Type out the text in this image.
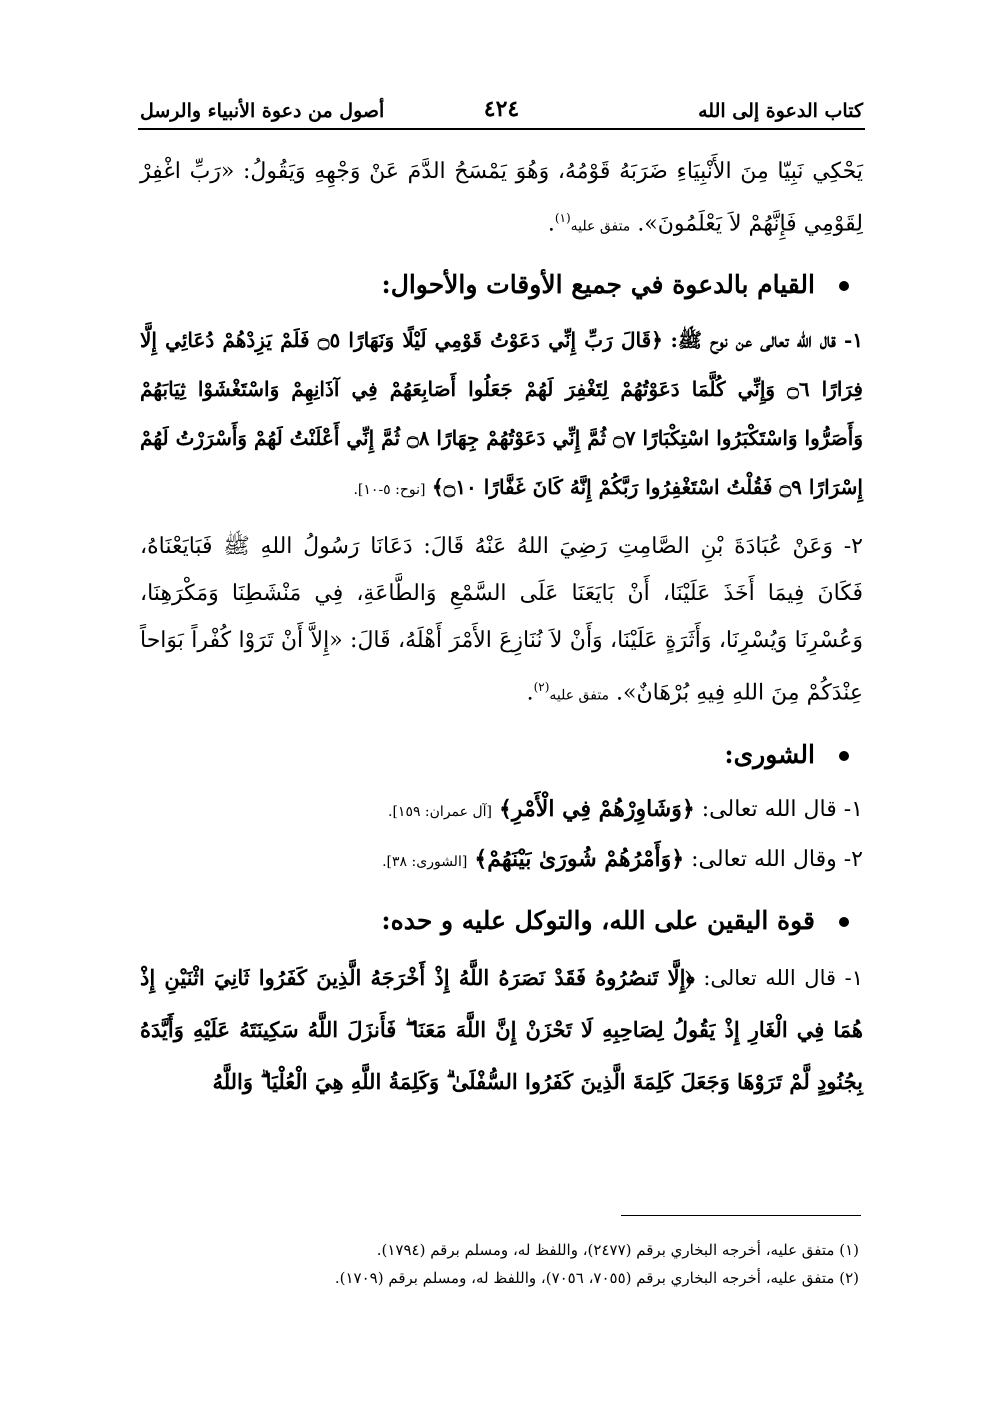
كتاب الدعوة إلى الله
٤٢٤
أصول من دعوة الأنبياء والرسل

يَحْكِي نَبِيّا مِنَ الأَنْبِيَاءِ ضَرَبَهُ قَوْمُهُ، وَهُوَ يَمْسَحُ الدَّمَ عَنْ وَجْهِهِ وَيَقُولُ: «رَبِّ اغْفِرْ لِقَوْمِي فَإِنَّهُمْ لاَ يَعْلَمُونَ». متفق عليه$^{(١)}$.

القيام بالدعوة في جميع الأوقات والأحوال:

١- قال الله تعالى عن نوح ﷺ: ﴿قَالَ رَبِّ إِنِّي دَعَوْتُ قَوْمِي لَيْلًا وَنَهَارًا ۝٥ فَلَمْ يَزِدْهُمْ دُعَائِي إِلَّا فِرَارًا ۝٦ وَإِنِّي كُلَّمَا دَعَوْتُهُمْ لِتَغْفِرَ لَهُمْ جَعَلُوا أَصَابِعَهُمْ فِي آذَانِهِمْ وَاسْتَغْشَوْا ثِيَابَهُمْ وَأَصَرُّوا وَاسْتَكْبَرُوا اسْتِكْبَارًا ۝٧ ثُمَّ إِنِّي دَعَوْتُهُمْ جِهَارًا ۝٨ ثُمَّ إِنِّي أَعْلَنْتُ لَهُمْ وَأَسْرَرْتُ لَهُمْ إِسْرَارًا ۝٩ فَقُلْتُ اسْتَغْفِرُوا رَبَّكُمْ إِنَّهُ كَانَ غَفَّارًا ۝١٠﴾ [نوح: ٥-١٠].

٢- وَعَنْ عُبَادَةَ بْنِ الصَّامِتِ رَضِيَ اللهُ عَنْهُ قَالَ: دَعَانَا رَسُولُ اللهِ ﷺ فَبَايَعْنَاهُ، فَكَانَ فِيمَا أَخَذَ عَلَيْنَا، أَنْ بَايَعَنَا عَلَى السَّمْعِ وَالطَّاعَةِ، فِي مَنْشَطِنَا وَمَكْرَهِنَا، وَعُسْرِنَا وَيُسْرِنَا، وَأَثَرَةٍ عَلَيْنَا، وَأَنْ لاَ نُنَازِعَ الأَمْرَ أَهْلَهُ، قَالَ: «إِلاَّ أَنْ تَرَوْا كُفْراً بَوَاحاً عِنْدَكُمْ مِنَ اللهِ فِيهِ بُرْهَانٌ». متفق عليه$^{(٢)}$.

الشورى:

١- قال الله تعالى: ﴿وَشَاوِرْهُمْ فِي الْأَمْرِ﴾ [آل عمران: ١٥٩].

٢- وقال الله تعالى: ﴿وَأَمْرُهُمْ شُورَىٰ بَيْنَهُمْ﴾ [الشورى: ٣٨].

قوة اليقين على الله، والتوكل عليه و حده:

١- قال الله تعالى: ﴿إِلَّا تَنصُرُوهُ فَقَدْ نَصَرَهُ اللَّهُ إِذْ أَخْرَجَهُ الَّذِينَ كَفَرُوا ثَانِيَ اثْنَيْنِ إِذْ هُمَا فِي الْغَارِ إِذْ يَقُولُ لِصَاحِبِهِ لَا تَحْزَنْ إِنَّ اللَّهَ مَعَنَا ۖ فَأَنزَلَ اللَّهُ سَكِينَتَهُ عَلَيْهِ وَأَيَّدَهُ بِجُنُودٍ لَّمْ تَرَوْهَا وَجَعَلَ كَلِمَةَ الَّذِينَ كَفَرُوا السُّفْلَىٰ ۗ وَكَلِمَةُ اللَّهِ هِيَ الْعُلْيَا ۗ وَاللَّهُ

(١) متفق عليه، أخرجه البخاري برقم (٢٤٧٧)، واللفظ له، ومسلم برقم (١٧٩٤).
(٢) متفق عليه، أخرجه البخاري برقم (٧٠٥٥، ٧٠٥٦)، واللفظ له، ومسلم برقم (١٧٠٩).
